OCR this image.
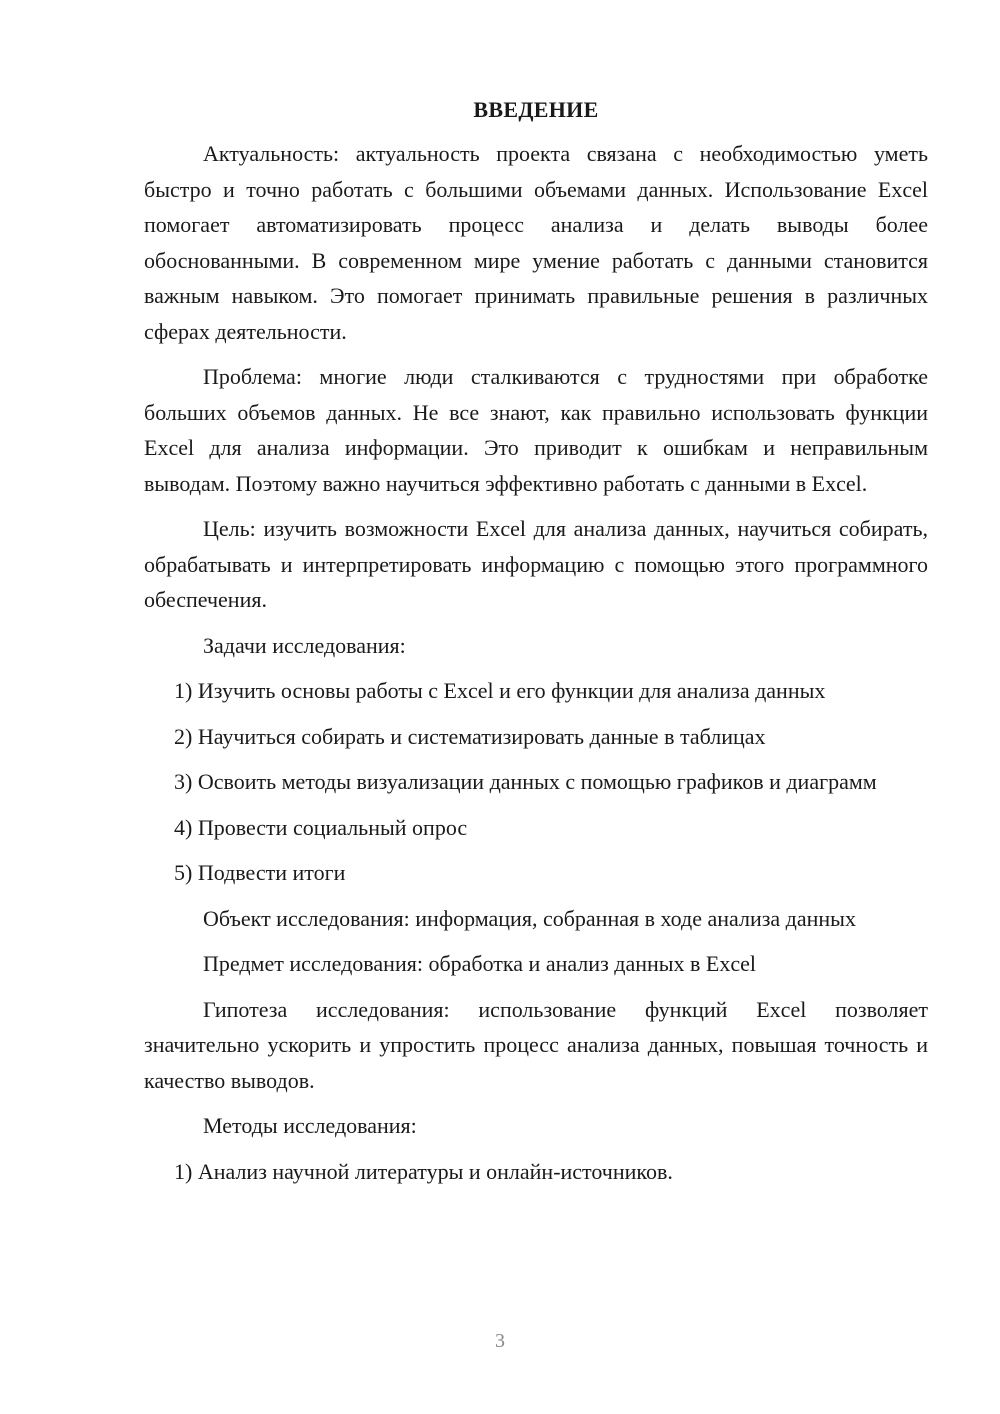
ВВЕДЕНИЕ

Актуальность: актуальность проекта связана с необходимостью уметь быстро и точно работать с большими объемами данных. Использование Excel помогает автоматизировать процесс анализа и делать выводы более обоснованными. В современном мире умение работать с данными становится важным навыком. Это помогает принимать правильные решения в различных сферах деятельности.

Проблема: многие люди сталкиваются с трудностями при обработке больших объемов данных. Не все знают, как правильно использовать функции Excel для анализа информации. Это приводит к ошибкам и неправильным выводам. Поэтому важно научиться эффективно работать с данными в Excel.

Цель: изучить возможности Excel для анализа данных, научиться собирать, обрабатывать и интерпретировать информацию с помощью этого программного обеспечения.

Задачи исследования:

1) Изучить основы работы с Excel и его функции для анализа данных

2) Научиться собирать и систематизировать данные в таблицах

3) Освоить методы визуализации данных с помощью графиков и диаграмм

4) Провести социальный опрос

5) Подвести итоги

Объект исследования: информация, собранная в ходе анализа данных

Предмет исследования: обработка и анализ данных в Excel

Гипотеза исследования: использование функций Excel позволяет значительно ускорить и упростить процесс анализа данных, повышая точность и качество выводов.

Методы исследования:

1) Анализ научной литературы и онлайн-источников.

3
